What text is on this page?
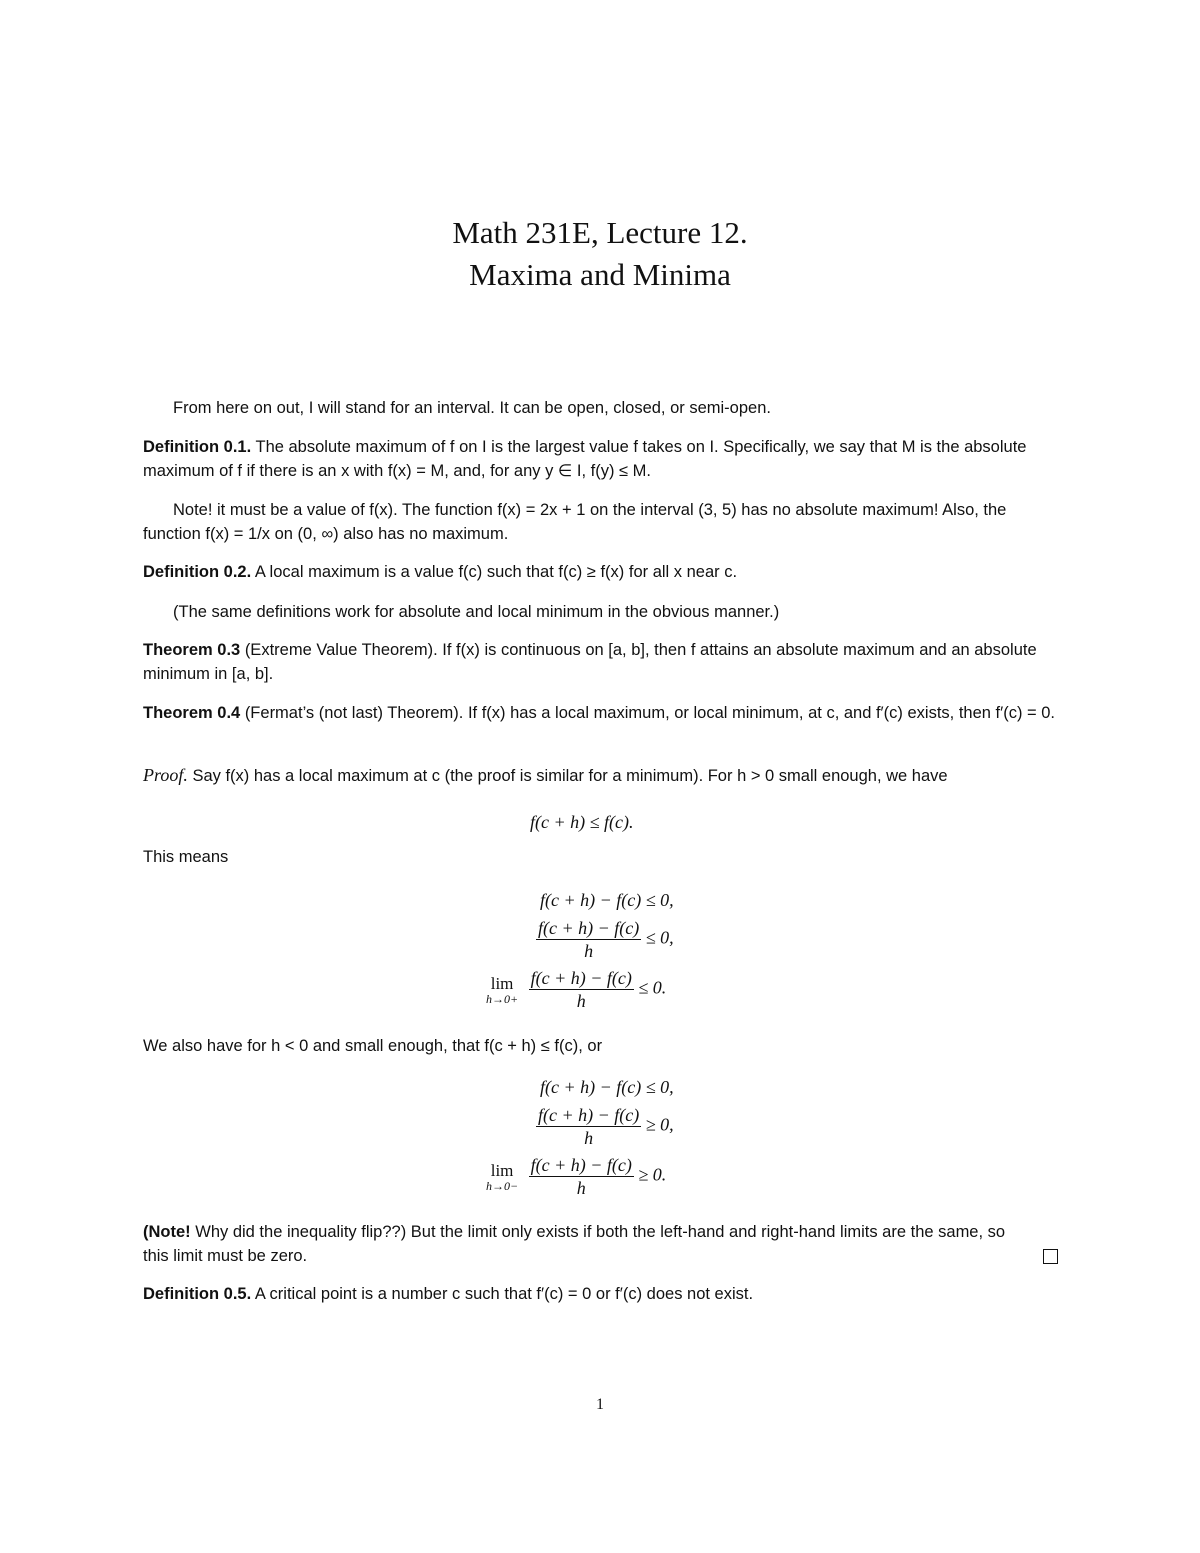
Math 231E, Lecture 12.
Maxima and Minima
From here on out, I will stand for an interval. It can be open, closed, or semi-open.
Definition 0.1. The absolute maximum of f on I is the largest value f takes on I. Specifically, we say that M is the absolute maximum of f if there is an x with f(x) = M, and, for any y ∈ I, f(y) ≤ M.
Note! it must be a value of f(x). The function f(x) = 2x + 1 on the interval (3, 5) has no absolute maximum! Also, the function f(x) = 1/x on (0, ∞) also has no maximum.
Definition 0.2. A local maximum is a value f(c) such that f(c) ≥ f(x) for all x near c.
(The same definitions work for absolute and local minimum in the obvious manner.)
Theorem 0.3 (Extreme Value Theorem). If f(x) is continuous on [a, b], then f attains an absolute maximum and an absolute minimum in [a, b].
Theorem 0.4 (Fermat’s (not last) Theorem). If f(x) has a local maximum, or local minimum, at c, and f′(c) exists, then f′(c) = 0.
Proof. Say f(x) has a local maximum at c (the proof is similar for a minimum). For h > 0 small enough, we have
f(c + h) ≤ f(c).
This means
f(c + h) − f(c) ≤ 0,
$\frac{f(c + h) - f(c)}{h} \le 0$,
lim
h→0+
$\frac{f(c + h) - f(c)}{h} \le 0$.
We also have for h < 0 and small enough, that f(c + h) ≤ f(c), or
f(c + h) − f(c) ≤ 0,
$\frac{f(c + h) - f(c)}{h} \ge 0$,
lim
h→0−
$\frac{f(c + h) - f(c)}{h} \ge 0$.
(Note! Why did the inequality flip??) But the limit only exists if both the left-hand and right-hand limits are the same, so this limit must be zero.
Definition 0.5. A critical point is a number c such that f′(c) = 0 or f′(c) does not exist.
1
